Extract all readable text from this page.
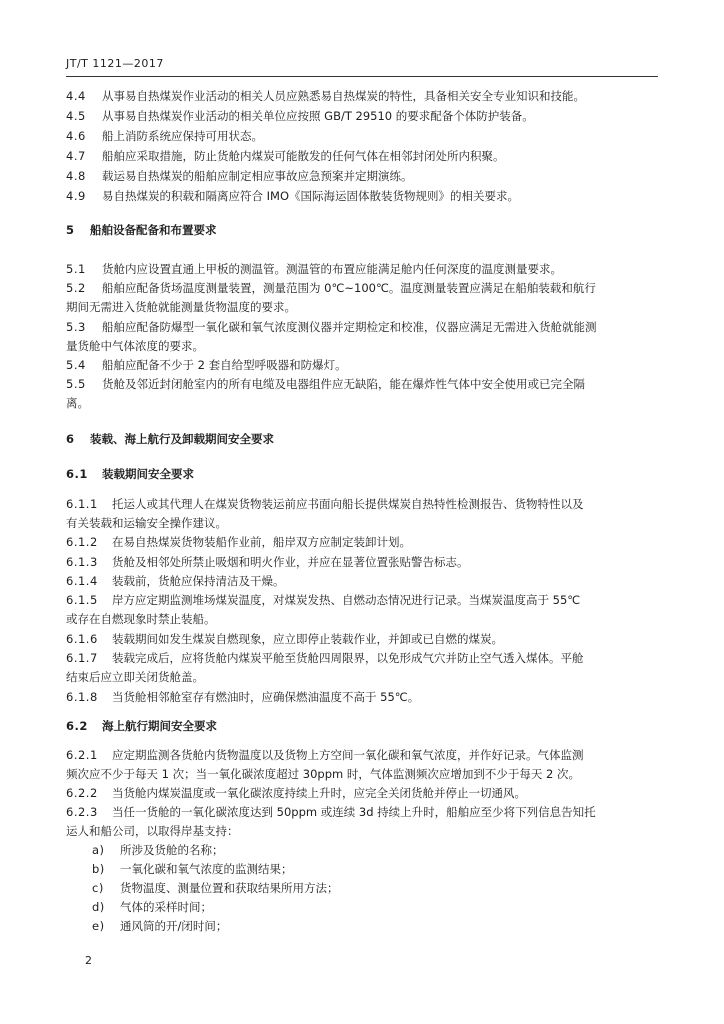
JT/T 1121—2017
4.4 从事易自热煤炭作业活动的相关人员应熟悉易自热煤炭的特性，具备相关安全专业知识和技能。
4.5 从事易自热煤炭作业活动的相关单位应按照 GB/T 29510 的要求配备个体防护装备。
4.6 船上消防系统应保持可用状态。
4.7 船舶应采取措施，防止货舱内煤炭可能散发的任何气体在相邻封闭处所内积聚。
4.8 载运易自热煤炭的船舶应制定相应事故应急预案并定期演练。
4.9 易自热煤炭的积载和隔离应符合 IMO《国际海运固体散装货物规则》的相关要求。
5 船舶设备配备和布置要求
5.1 货舱内应设置直通上甲板的测温管。测温管的布置应能满足舱内任何深度的温度测量要求。
5.2 船舶应配备货场温度测量装置，测量范围为 0℃~100℃。温度测量装置应满足在船舶装载和航行
期间无需进入货舱就能测量货物温度的要求。
5.3 船舶应配备防爆型一氧化碳和氧气浓度测仪器并定期检定和校准，仪器应满足无需进入货舱就能测
量货舱中气体浓度的要求。
5.4 船舶应配备不少于 2 套自给型呼吸器和防爆灯。
5.5 货舱及邻近封闭舱室内的所有电缆及电器组件应无缺陷，能在爆炸性气体中安全使用或已完全隔
离。
6 装载、海上航行及卸载期间安全要求
6.1 装载期间安全要求
6.1.1 托运人或其代理人在煤炭货物装运前应书面向船长提供煤炭自热特性检测报告、货物特性以及
有关装载和运输安全操作建议。
6.1.2 在易自热煤炭货物装船作业前，船岸双方应制定装卸计划。
6.1.3 货舱及相邻处所禁止吸烟和明火作业，并应在显著位置张贴警告标志。
6.1.4 装载前，货舱应保持清洁及干燥。
6.1.5 岸方应定期监测堆场煤炭温度，对煤炭发热、自燃动态情况进行记录。当煤炭温度高于 55℃
或存在自燃现象时禁止装船。
6.1.6 装载期间如发生煤炭自燃现象，应立即停止装载作业，并卸或已自燃的煤炭。
6.1.7 装载完成后，应将货舱内煤炭平舱至货舱四周限界，以免形成气穴并防止空气透入煤体。平舱
结束后应立即关闭货舱盖。
6.1.8 当货舱相邻舱室存有燃油时，应确保燃油温度不高于 55℃。
6.2 海上航行期间安全要求
6.2.1 应定期监测各货舱内货物温度以及货物上方空间一氧化碳和氧气浓度，并作好记录。气体监测
频次应不少于每天 1 次；当一氧化碳浓度超过 30ppm 时，气体监测频次应增加到不少于每天 2 次。
6.2.2 当货舱内煤炭温度或一氧化碳浓度持续上升时，应完全关闭货舱并停止一切通风。
6.2.3 当任一货舱的一氧化碳浓度达到 50ppm 或连续 3d 持续上升时，船舶应至少将下列信息告知托
运人和船公司，以取得岸基支持：
a) 所涉及货舱的名称；
b) 一氧化碳和氧气浓度的监测结果；
c) 货物温度、测量位置和获取结果所用方法；
d) 气体的采样时间；
e) 通风筒的开/闭时间；
2
